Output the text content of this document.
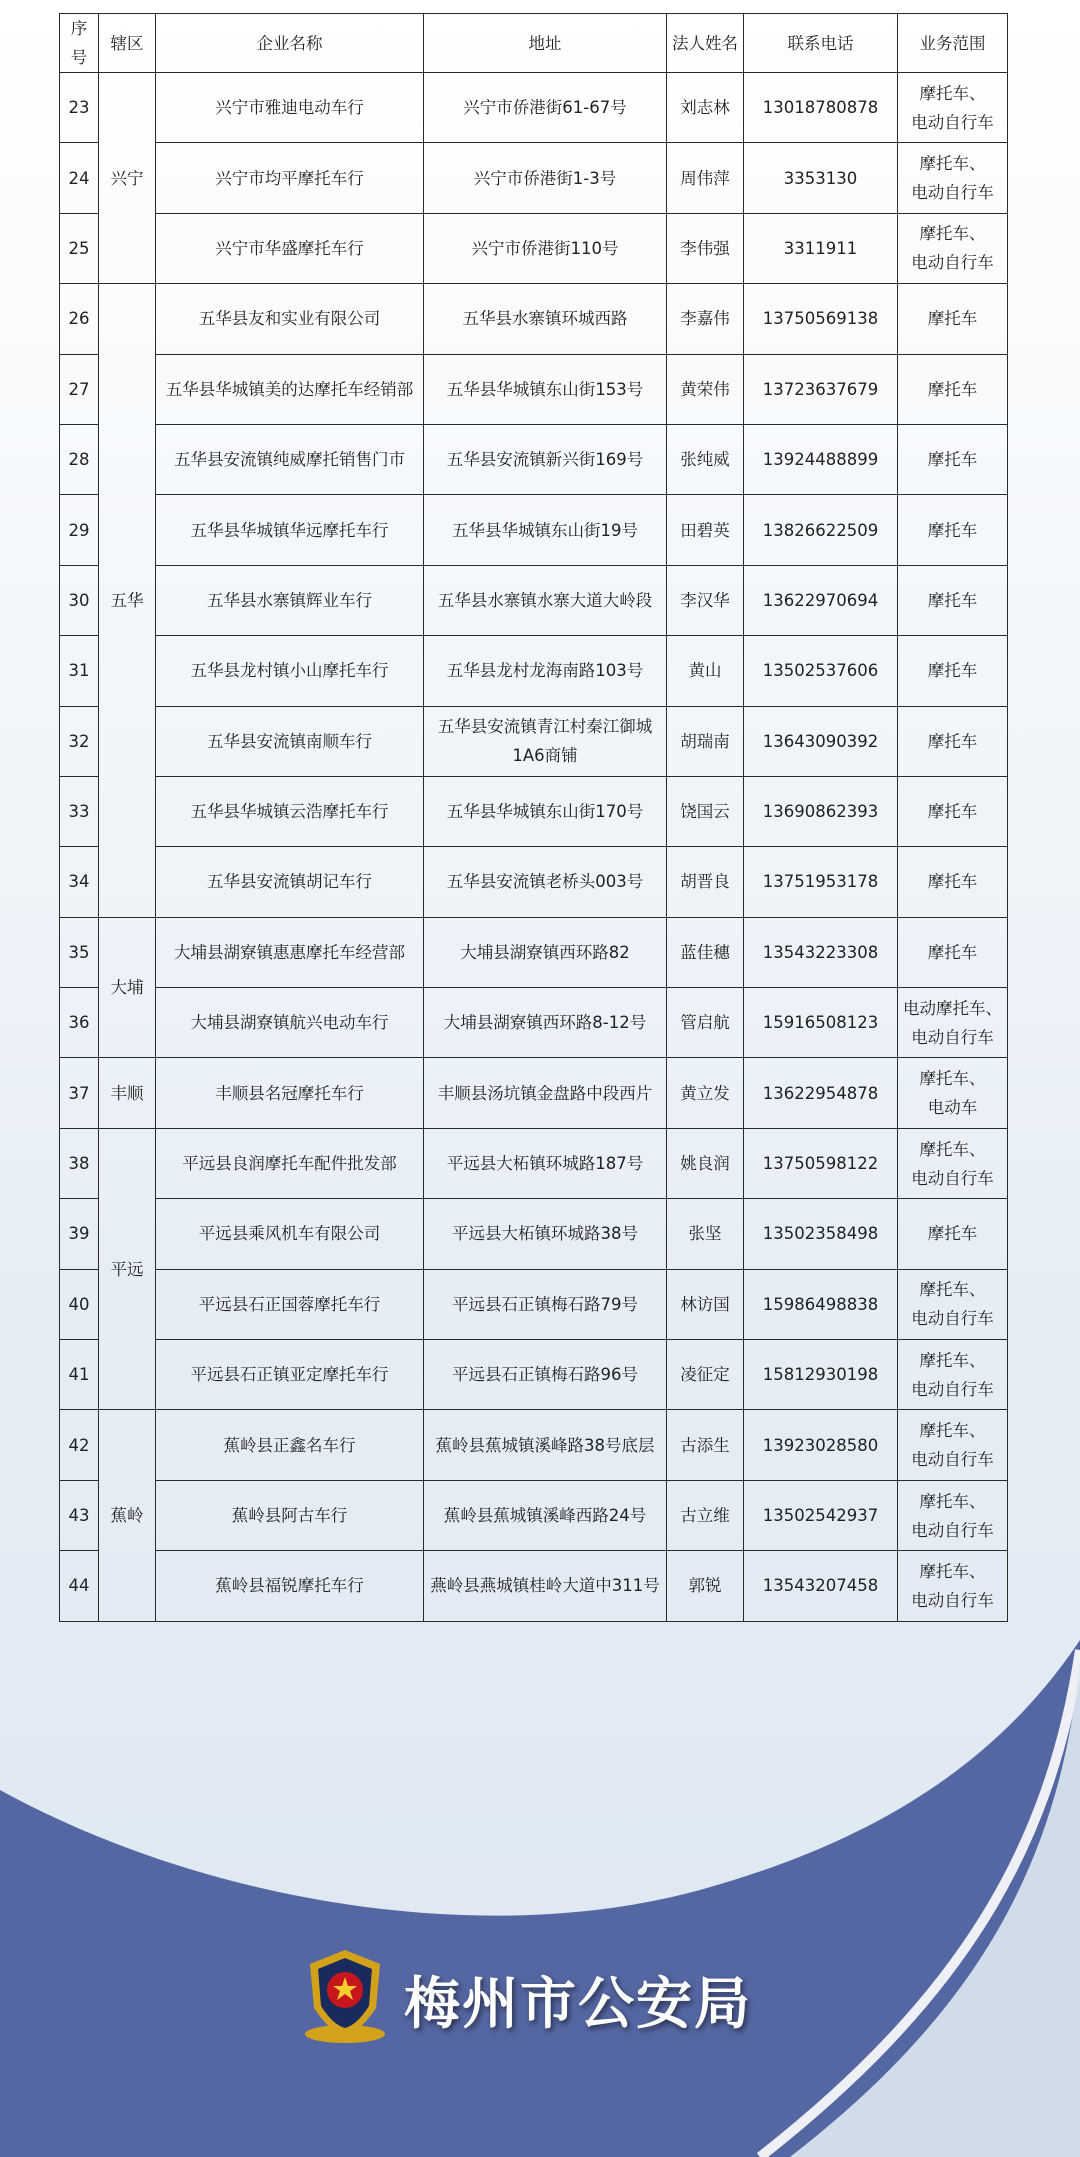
序号	辖区	企业名称	地址	法人姓名	联系电话	业务范围
23	兴宁	兴宁市雅迪电动车行	兴宁市侨港街61-67号	刘志林	13018780878	摩托车、
电动自行车

24		兴宁市均平摩托车行	兴宁市侨港街1-3号	周伟萍	3353130	摩托车、
电动自行车

25		兴宁市华盛摩托车行	兴宁市侨港街110号	李伟强	3311911	摩托车、
电动自行车

26	五华	五华县友和实业有限公司	五华县水寨镇环城西路	李嘉伟	13750569138	摩托车

27		五华县华城镇美的达摩托车经销部	五华县华城镇东山街153号	黄荣伟	13723637679	摩托车

28		五华县安流镇纯威摩托销售门市	五华县安流镇新兴街169号	张纯威	13924488899	摩托车

29		五华县华城镇华远摩托车行	五华县华城镇东山街19号	田碧英	13826622509	摩托车

30		五华县水寨镇辉业车行	五华县水寨镇水寨大道大岭段	李汉华	13622970694	摩托车

31		五华县龙村镇小山摩托车行	五华县龙村龙海南路103号	黄山	13502537606	摩托车

32		五华县安流镇南顺车行	五华县安流镇青江村秦江御城
1A6商铺	胡瑞南	13643090392	摩托车

33		五华县华城镇云浩摩托车行	五华县华城镇东山街170号	饶国云	13690862393	摩托车

34		五华县安流镇胡记车行	五华县安流镇老桥头003号	胡晋良	13751953178	摩托车

35	大埔	大埔县湖寮镇惠惠摩托车经营部	大埔县湖寮镇西环路82	蓝佳穗	13543223308	摩托车

36		大埔县湖寮镇航兴电动车行	大埔县湖寮镇西环路8-12号	管启航	15916508123	电动摩托车、
电动自行车

37	丰顺	丰顺县名冠摩托车行	丰顺县汤坑镇金盘路中段西片	黄立发	13622954878	摩托车、
电动车

38	平远	平远县良润摩托车配件批发部	平远县大柘镇环城路187号	姚良润	13750598122	摩托车、
电动自行车

39		平远县乘风机车有限公司	平远县大柘镇环城路38号	张坚	13502358498	摩托车

40		平远县石正国蓉摩托车行	平远县石正镇梅石路79号	林访国	15986498838	摩托车、
电动自行车

41		平远县石正镇亚定摩托车行	平远县石正镇梅石路96号	凌征定	15812930198	摩托车、
电动自行车

42	蕉岭	蕉岭县正鑫名车行	蕉岭县蕉城镇溪峰路38号底层	古添生	13923028580	摩托车、
电动自行车

43		蕉岭县阿古车行	蕉岭县蕉城镇溪峰西路24号	古立维	13502542937	摩托车、
电动自行车

44		蕉岭县福锐摩托车行	燕岭县燕城镇桂岭大道中311号	郭锐	13543207458	摩托车、
电动自行车
梅州市公安局
